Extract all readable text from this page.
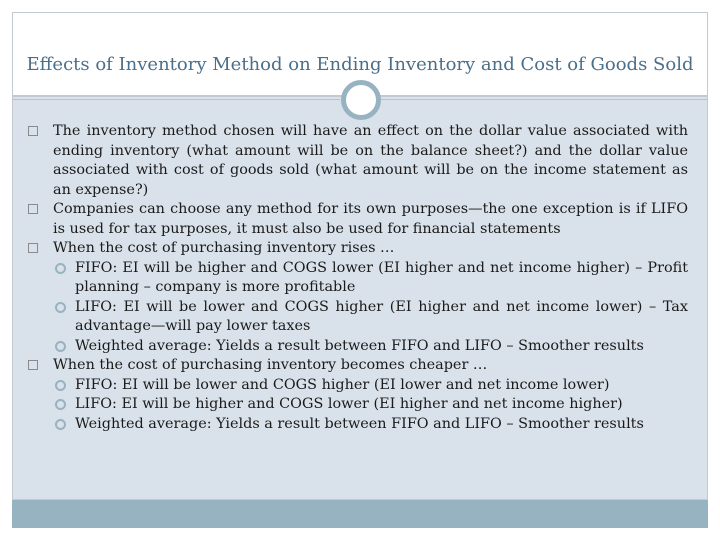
Effects of Inventory Method on Ending Inventory and Cost of Goods Sold
The inventory method chosen will have an effect on the dollar value associated with ending inventory (what amount will be on the balance sheet?) and the dollar value associated with cost of goods sold (what amount will be on the income statement as an expense?)
Companies can choose any method for its own purposes—the one exception is if LIFO is used for tax purposes, it must also be used for financial statements
When the cost of purchasing inventory rises …
FIFO: EI will be higher and COGS lower (EI higher and net income higher) – Profit planning – company is more profitable
LIFO: EI will be lower and COGS higher (EI higher and net income lower) – Tax advantage—will pay lower taxes
Weighted average: Yields a result between FIFO and LIFO – Smoother results
When the cost of purchasing inventory becomes cheaper …
FIFO: EI will be lower and COGS higher (EI lower and net income lower)
LIFO: EI will be higher and COGS lower (EI higher and net income higher)
Weighted average: Yields a result between FIFO and LIFO – Smoother results
